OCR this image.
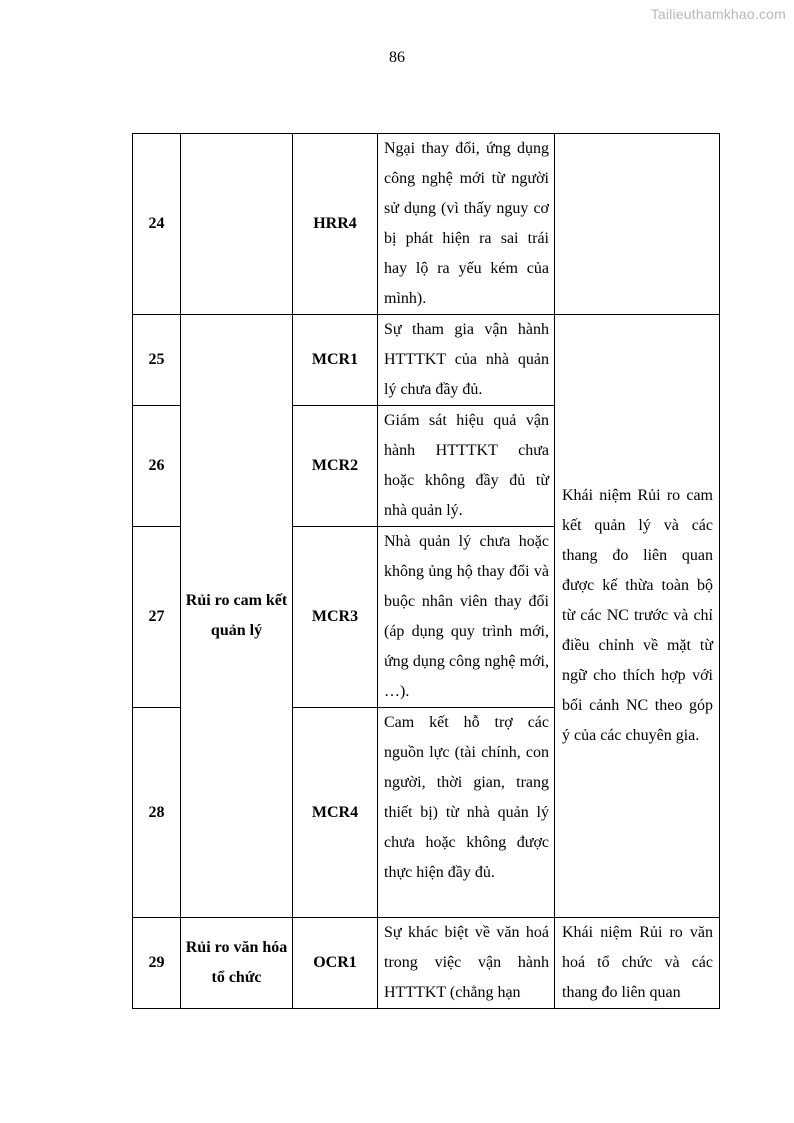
Tailieuthamkhao.com
86
24		HRR4	Ngại thay đổi, ứng dụng công nghệ mới từ người sử dụng (vì thấy nguy cơ bị phát hiện ra sai trái hay lộ ra yếu kém của mình).	
25	Rủi ro cam kết quản lý	MCR1	Sự tham gia vận hành HTTTKT của nhà quản lý chưa đầy đủ.	Khái niệm Rủi ro cam kết quản lý và các thang đo liên quan được kế thừa toàn bộ từ các NC trước và chỉ điều chỉnh về mặt từ ngữ cho thích hợp với bối cảnh NC theo góp ý của các chuyên gia.
26		MCR2	Giám sát hiệu quả vận hành HTTTKT chưa hoặc không đầy đủ từ nhà quản lý.	
27		MCR3	Nhà quản lý chưa hoặc không ủng hộ thay đổi và buộc nhân viên thay đổi (áp dụng quy trình mới, ứng dụng công nghệ mới, …).	
28		MCR4	Cam kết hỗ trợ các nguồn lực (tài chính, con người, thời gian, trang thiết bị) từ nhà quản lý chưa hoặc không được thực hiện đầy đủ.	
29	Rủi ro văn hóa tổ chức	OCR1	Sự khác biệt về văn hoá trong việc vận hành HTTTKT (chẳng hạn	Khái niệm Rủi ro văn hoá tổ chức và các thang đo liên quan
